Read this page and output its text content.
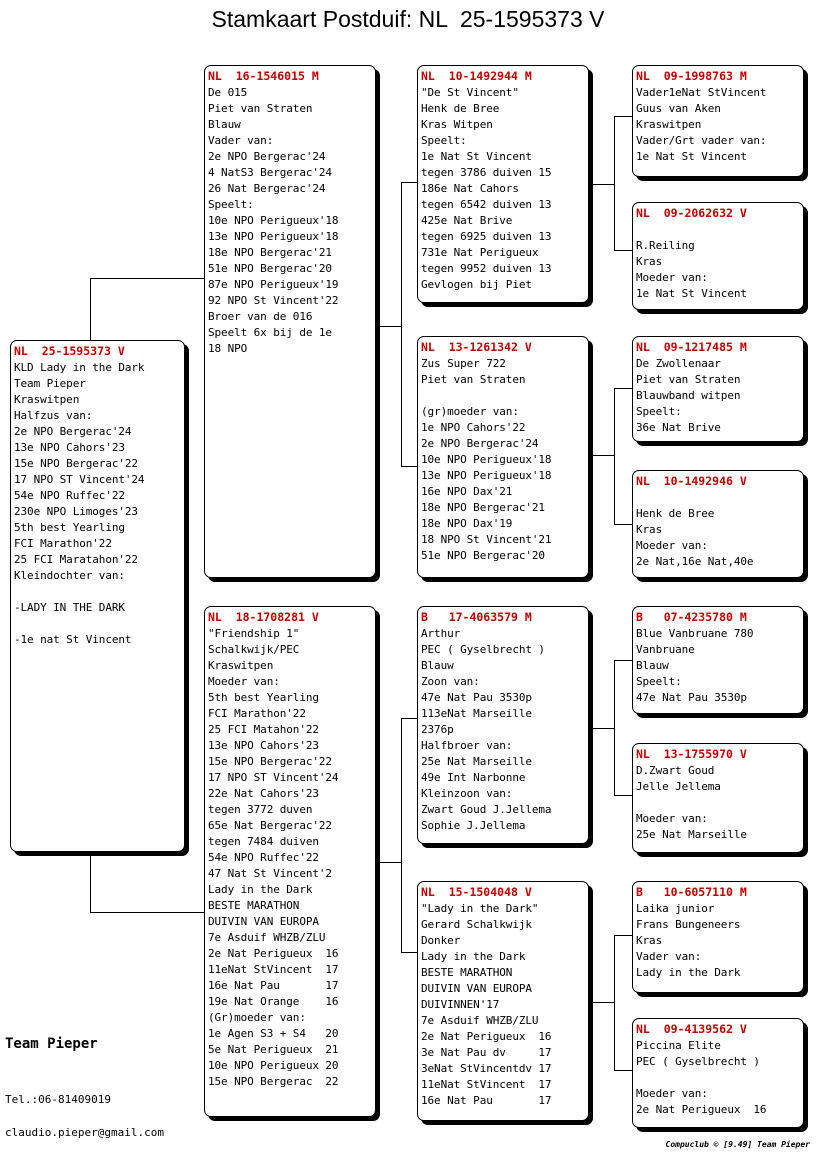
Stamkaart Postduif: NL  25-1595373 V
NL  25-1595373 V
KLD Lady in the Dark
Team Pieper
Kraswitpen
Halfzus van:
2e NPO Bergerac'24
13e NPO Cahors'23
15e NPO Bergerac'22
17 NPO ST Vincent'24
54e NPO Ruffec'22
230e NPO Limoges'23
5th best Yearling
FCI Marathon'22
25 FCI Maratahon'22
Kleindochter van:
-LADY IN THE DARK
-1e nat St Vincent
NL  16-1546015 M
De 015
Piet van Straten
Blauw
Vader van:
2e NPO Bergerac'24
4 NatS3 Bergerac'24
26 Nat Bergerac'24
Speelt:
10e NPO Perigueux'18
13e NPO Perigueux'18
18e NPO Bergerac'21
51e NPO Bergerac'20
87e NPO Perigueux'19
92 NPO St Vincent'22
Broer van de 016
Speelt 6x bij de 1e
18 NPO
NL  18-1708281 V
"Friendship 1"
Schalkwijk/PEC
Kraswitpen
Moeder van:
5th best Yearling
FCI Marathon'22
25 FCI Matahon'22
13e NPO Cahors'23
15e NPO Bergerac'22
17 NPO ST Vincent'24
22e Nat Cahors'23
tegen 3772 duven
65e Nat Bergerac'22
tegen 7484 duiven
54e NPO Ruffec'22
47 Nat St Vincent'2
Lady in the Dark
BESTE MARATHON
DUIVIN VAN EUROPA
7e Asduif WHZB/ZLU
2e Nat Perigueux  16
11eNat StVincent  17
16e Nat Pau       17
19e Nat Orange    16
(Gr)moeder van:
1e Agen S3 + S4   20
5e Nat Perigueux  21
10e NPO Perigueux 20
15e NPO Bergerac  22
NL  10-1492944 M
"De St Vincent"
Henk de Bree
Kras Witpen
Speelt:
1e Nat St Vincent
tegen 3786 duiven 15
186e Nat Cahors
tegen 6542 duiven 13
425e Nat Brive
tegen 6925 duiven 13
731e Nat Perigueux
tegen 9952 duiven 13
Gevlogen bij Piet
NL  13-1261342 V
Zus Super 722
Piet van Straten
(gr)moeder van:
1e NPO Cahors'22
2e NPO Bergerac'24
10e NPO Perigueux'18
13e NPO Perigueux'18
16e NPO Dax'21
18e NPO Bergerac'21
18e NPO Dax'19
18 NPO St Vincent'21
51e NPO Bergerac'20
B   17-4063579 M
Arthur
PEC ( Gyselbrecht )
Blauw
Zoon van:
47e Nat Pau 3530p
113eNat Marseille
2376p
Halfbroer van:
25e Nat Marseille
49e Int Narbonne
Kleinzoon van:
Zwart Goud J.Jellema
Sophie J.Jellema
NL  15-1504048 V
"Lady in the Dark"
Gerard Schalkwijk
Donker
Lady in the Dark
BESTE MARATHON
DUIVIN VAN EUROPA
DUIVINNEN'17
7e Asduif WHZB/ZLU
2e Nat Perigueux  16
3e Nat Pau dv     17
3eNat StVincentdv 17
11eNat StVincent  17
16e Nat Pau       17
NL  09-1998763 M
Vader1eNat StVincent
Guus van Aken
Kraswitpen
Vader/Grt vader van:
1e Nat St Vincent
NL  09-2062632 V
R.Reiling
Kras
Moeder van:
1e Nat St Vincent
NL  09-1217485 M
De Zwollenaar
Piet van Straten
Blauwband witpen
Speelt:
36e Nat Brive
NL  10-1492946 V
Henk de Bree
Kras
Moeder van:
2e Nat,16e Nat,40e
B   07-4235780 M
Blue Vanbruane 780
Vanbruane
Blauw
Speelt:
47e Nat Pau 3530p
NL  13-1755970 V
D.Zwart Goud
Jelle Jellema
Moeder van:
25e Nat Marseille
B   10-6057110 M
Laika junior
Frans Bungeneers
Kras
Vader van:
Lady in the Dark
NL  09-4139562 V
Piccina Elite
PEC ( Gyselbrecht )
Moeder van:
2e Nat Perigueux  16
Team Pieper
Tel.:06-81409019
claudio.pieper@gmail.com
Compuclub © [9.49] Team Pieper
